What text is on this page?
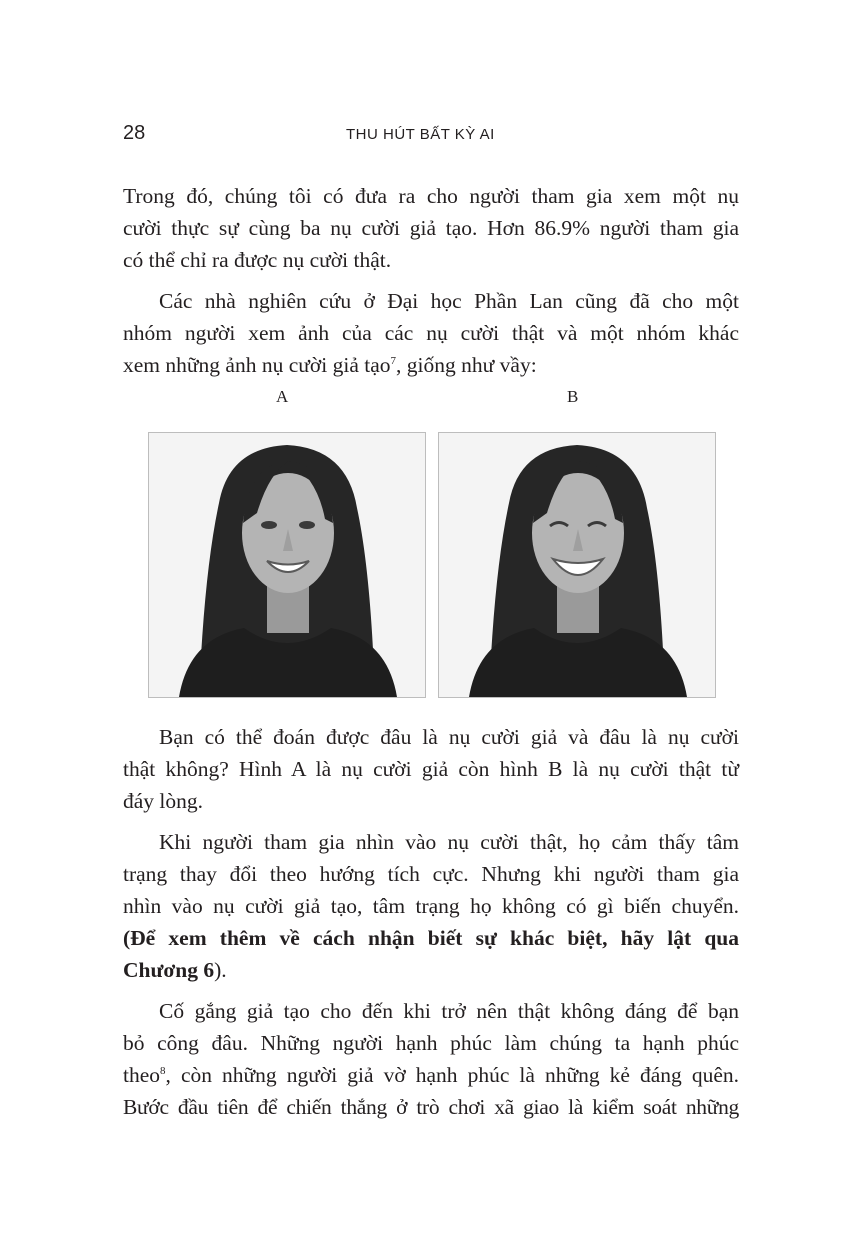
28	THU HÚT BẤT KỲ AI
Trong đó, chúng tôi có đưa ra cho người tham gia xem một nụ
cười thực sự cùng ba nụ cười giả tạo. Hơn 86.9% người tham gia
có thể chỉ ra được nụ cười thật.
Các nhà nghiên cứu ở Đại học Phần Lan cũng đã cho một
nhóm người xem ảnh của các nụ cười thật và một nhóm khác
xem những ảnh nụ cười giả tạo$^7$, giống như vầy:
A	B
Bạn có thể đoán được đâu là nụ cười giả và đâu là nụ cười
thật không? Hình A là nụ cười giả còn hình B là nụ cười thật từ
đáy lòng.
Khi người tham gia nhìn vào nụ cười thật, họ cảm thấy tâm
trạng thay đổi theo hướng tích cực. Nhưng khi người tham gia
nhìn vào nụ cười giả tạo, tâm trạng họ không có gì biến chuyển.
(Để xem thêm về cách nhận biết sự khác biệt, hãy lật qua
Chương 6).
Cố gắng giả tạo cho đến khi trở nên thật không đáng để bạn
bỏ công đâu. Những người hạnh phúc làm chúng ta hạnh phúc
theo$^8$, còn những người giả vờ hạnh phúc là những kẻ đáng quên.
Bước đầu tiên để chiến thắng ở trò chơi xã giao là kiểm soát những
